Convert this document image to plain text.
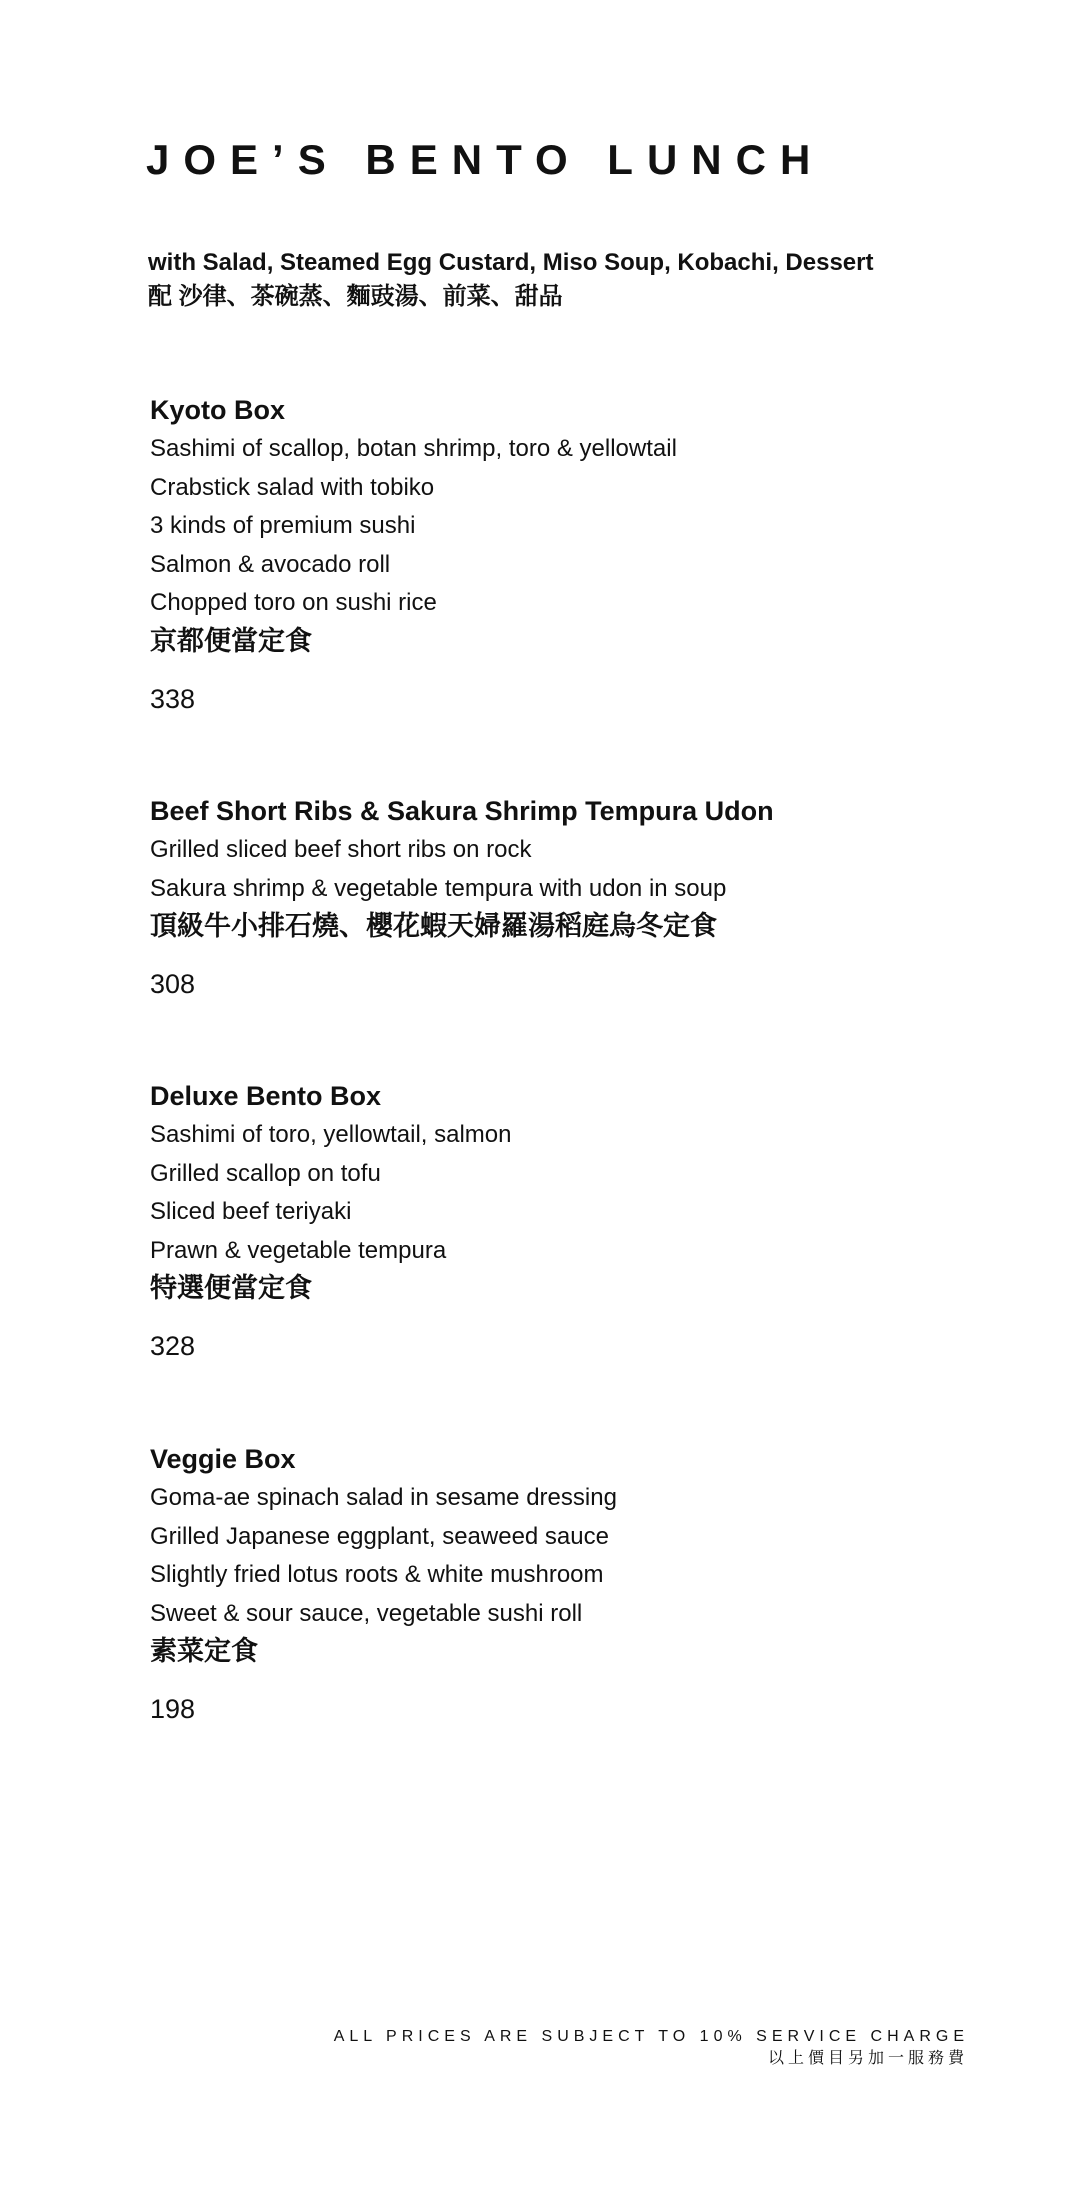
JOE’S BENTO LUNCH
with Salad, Steamed Egg Custard, Miso Soup, Kobachi, Dessert
配 沙律、茶碗蒸、麵豉湯、前菜、甜品
Kyoto Box
Sashimi of scallop, botan shrimp, toro & yellowtail
Crabstick salad with tobiko
3 kinds of premium sushi
Salmon & avocado roll
Chopped toro on sushi rice
京都便當定食
338
Beef Short Ribs & Sakura Shrimp Tempura Udon
Grilled sliced beef short ribs on rock
Sakura shrimp & vegetable tempura with udon in soup
頂級牛小排石燒、櫻花蝦天婦羅湯稻庭烏冬定食
308
Deluxe Bento Box
Sashimi of toro, yellowtail, salmon
Grilled scallop on tofu
Sliced beef teriyaki
Prawn & vegetable tempura
特選便當定食
328
Veggie Box
Goma-ae spinach salad in sesame dressing
Grilled Japanese eggplant, seaweed sauce
Slightly fried lotus roots & white mushroom
Sweet & sour sauce, vegetable sushi roll
素菜定食
198
ALL PRICES ARE SUBJECT TO 10% SERVICE CHARGE
以上價目另加一服務費
